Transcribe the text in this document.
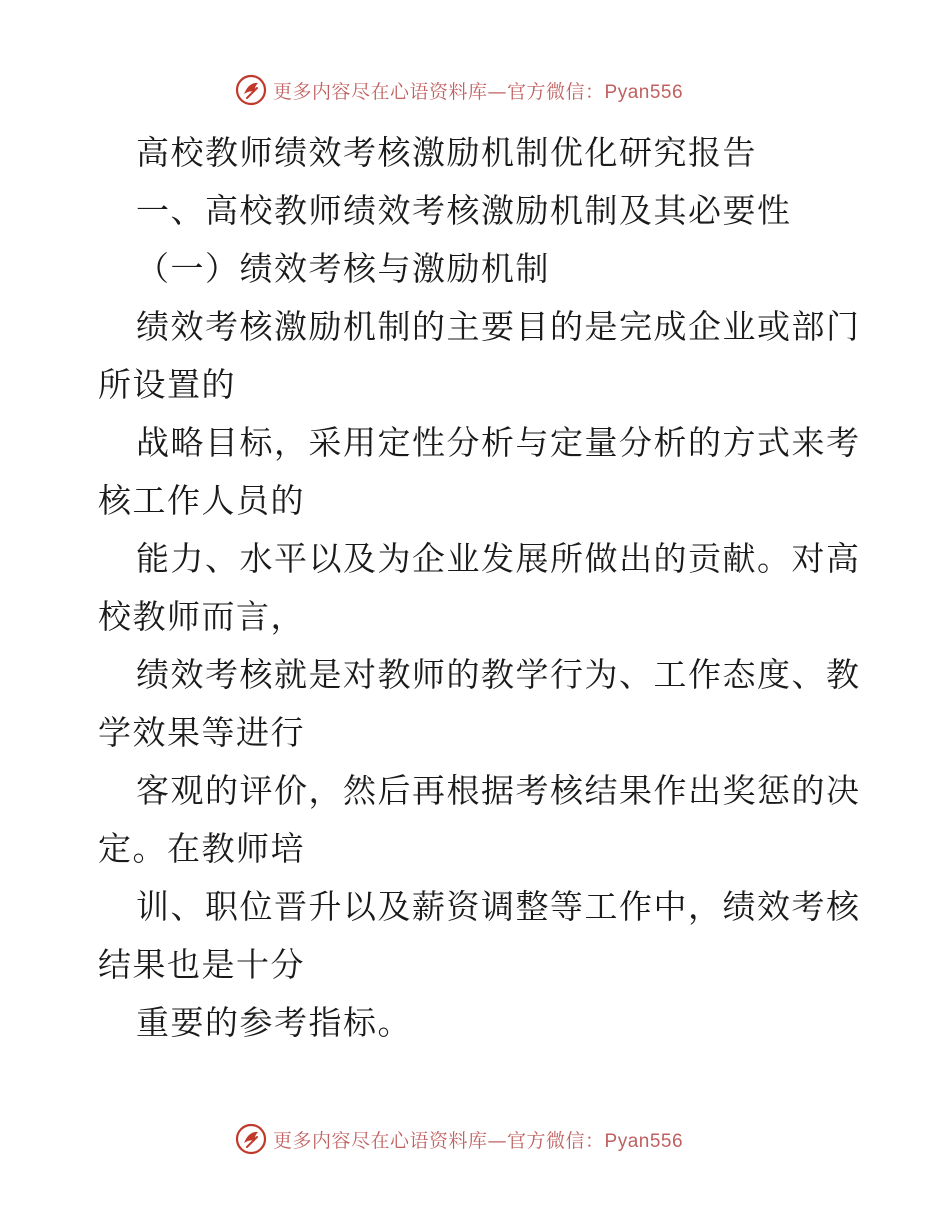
更多内容尽在心语资料库—官方微信：Pyan556
高校教师绩效考核激励机制优化研究报告
一、高校教师绩效考核激励机制及其必要性
（一）绩效考核与激励机制
绩效考核激励机制的主要目的是完成企业或部门
所设置的
战略目标，采用定性分析与定量分析的方式来考
核工作人员的
能力、水平以及为企业发展所做出的贡献。对高
校教师而言，
绩效考核就是对教师的教学行为、工作态度、教
学效果等进行
客观的评价，然后再根据考核结果作出奖惩的决
定。在教师培
训、职位晋升以及薪资调整等工作中，绩效考核
结果也是十分
重要的参考指标。
更多内容尽在心语资料库—官方微信：Pyan556
